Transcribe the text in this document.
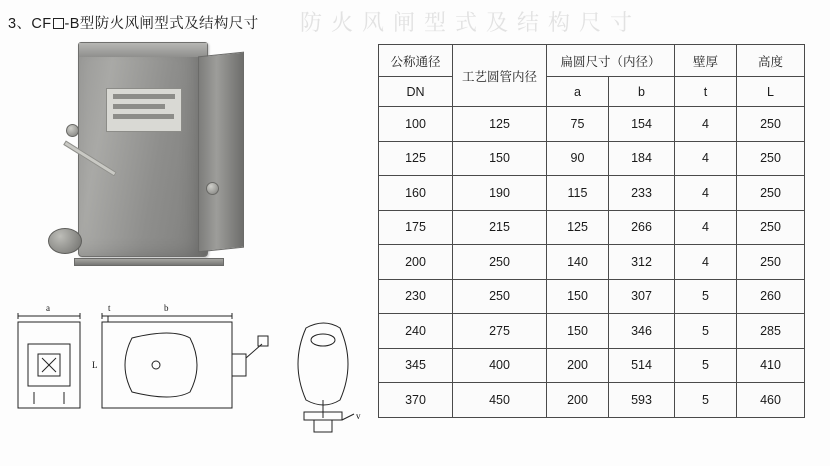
防火风闸型式及结构尺寸
3、CF -B型防火风闸型式及结构尺寸
a	t	b
L
v
公称通径	工艺圆管内径	扁圆尺寸（内径）		壁厚	高度
DN		a	b	t	L
100	125	75	154	4	250
125	150	90	184	4	250
160	190	115	233	4	250
175	215	125	266	4	250
200	250	140	312	4	250
230	250	150	307	5	260
240	275	150	346	5	285
345	400	200	514	5	410
370	450	200	593	5	460
